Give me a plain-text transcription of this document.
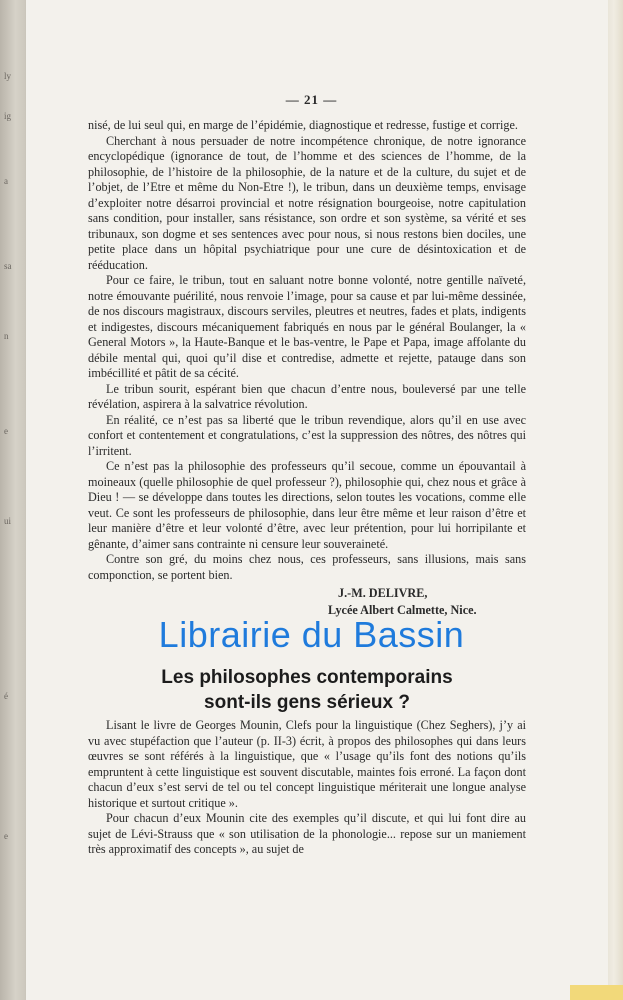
ly
ig
a
sa
n
e
ui
é
e
— 21 —

nisé, de lui seul qui, en marge de l’épidémie, diagnostique et redresse, fustige et corrige.

Cherchant à nous persuader de notre incompétence chronique, de notre ignorance encyclopédique (ignorance de tout, de l’homme et des sciences de l’homme, de la philosophie, de l’histoire de la philosophie, de la nature et de la culture, du sujet et de l’objet, de l’Etre et même du Non-Etre !), le tribun, dans un deuxième temps, envisage d’exploiter notre désarroi provincial et notre résignation bourgeoise, notre capitulation sans condition, pour installer, sans résistance, son ordre et son système, sa vérité et ses tribunaux, son dogme et ses sentences avec pour nous, si nous restons bien dociles, une petite place dans un hôpital psychiatrique pour une cure de désintoxication et de rééducation.

Pour ce faire, le tribun, tout en saluant notre bonne volonté, notre gentille naïveté, notre émouvante puérilité, nous renvoie l’image, pour sa cause et par lui-même dessinée, de nos discours magistraux, discours serviles, pleutres et neutres, fades et plats, indigents et indigestes, discours mécaniquement fabriqués en nous par le général Boulanger, la « General Motors », la Haute-Banque et le bas-ventre, le Pape et Papa, image affolante du débile mental qui, quoi qu’il dise et contredise, admette et rejette, patauge dans son imbécillité et pâtit de sa cécité.

Le tribun sourit, espérant bien que chacun d’entre nous, bouleversé par une telle révélation, aspirera à la salvatrice révolution.

En réalité, ce n’est pas sa liberté que le tribun revendique, alors qu’il en use avec confort et contentement et congratulations, c’est la suppression des nôtres, des nôtres qui l’irritent.

Ce n’est pas la philosophie des professeurs qu’il secoue, comme un épouvantail à moineaux (quelle philosophie de quel professeur ?), philosophie qui, chez nous et grâce à Dieu ! — se développe dans toutes les directions, selon toutes les vocations, comme elle veut. Ce sont les professeurs de philosophie, dans leur être même et leur raison d’être et leur manière d’être et leur volonté d’être, avec leur prétention, pour lui horripilante et gênante, d’aimer sans contrainte ni censure leur souveraineté.

Contre son gré, du moins chez nous, ces professeurs, sans illusions, mais sans componction, se portent bien.

J.-M. DELIVRE,
Lycée Albert Calmette, Nice.
Librairie du Bassin
Les philosophes contemporains
sont-ils gens sérieux ?

Lisant le livre de Georges Mounin, Clefs pour la linguistique (Chez Seghers), j’y ai vu avec stupéfaction que l’auteur (p. II-3) écrit, à propos des philosophes qui dans leurs œuvres se sont référés à la linguistique, que « l’usage qu’ils font des notions qu’ils empruntent à cette linguistique est souvent discutable, maintes fois erroné. La façon dont chacun d’eux s’est servi de tel ou tel concept linguistique mériterait une longue analyse historique et surtout critique ».

Pour chacun d’eux Mounin cite des exemples qu’il discute, et qui lui font dire au sujet de Lévi-Strauss que « son utilisation de la phonologie... repose sur un maniement très approximatif des concepts », au sujet de
